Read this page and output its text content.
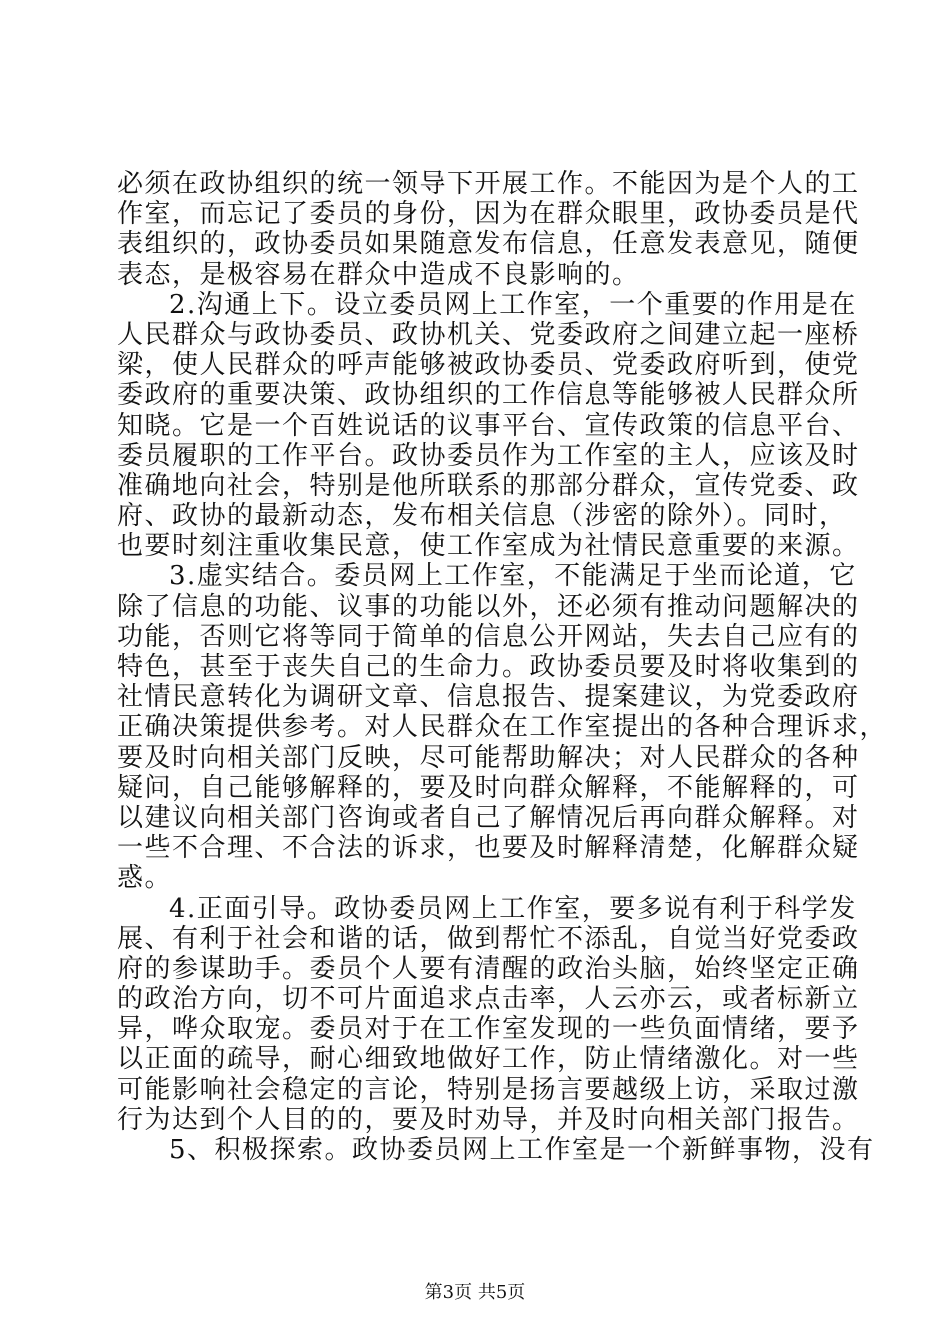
必须在政协组织的统一领导下开展工作。不能因为是个人的工
作室，而忘记了委员的身份，因为在群众眼里，政协委员是代
表组织的，政协委员如果随意发布信息，任意发表意见，随便
表态，是极容易在群众中造成不良影响的。
2.沟通上下。设立委员网上工作室，一个重要的作用是在
人民群众与政协委员、政协机关、党委政府之间建立起一座桥
梁，使人民群众的呼声能够被政协委员、党委政府听到，使党
委政府的重要决策、政协组织的工作信息等能够被人民群众所
知晓。它是一个百姓说话的议事平台、宣传政策的信息平台、
委员履职的工作平台。政协委员作为工作室的主人，应该及时
准确地向社会，特别是他所联系的那部分群众，宣传党委、政
府、政协的最新动态，发布相关信息（涉密的除外）。同时，
也要时刻注重收集民意，使工作室成为社情民意重要的来源。
3.虚实结合。委员网上工作室，不能满足于坐而论道，它
除了信息的功能、议事的功能以外，还必须有推动问题解决的
功能，否则它将等同于简单的信息公开网站，失去自己应有的
特色，甚至于丧失自己的生命力。政协委员要及时将收集到的
社情民意转化为调研文章、信息报告、提案建议，为党委政府
正确决策提供参考。对人民群众在工作室提出的各种合理诉求，
要及时向相关部门反映，尽可能帮助解决；对人民群众的各种
疑问，自己能够解释的，要及时向群众解释，不能解释的，可
以建议向相关部门咨询或者自己了解情况后再向群众解释。对
一些不合理、不合法的诉求，也要及时解释清楚，化解群众疑
惑。
4.正面引导。政协委员网上工作室，要多说有利于科学发
展、有利于社会和谐的话，做到帮忙不添乱，自觉当好党委政
府的参谋助手。委员个人要有清醒的政治头脑，始终坚定正确
的政治方向，切不可片面追求点击率，人云亦云，或者标新立
异，哗众取宠。委员对于在工作室发现的一些负面情绪，要予
以正面的疏导，耐心细致地做好工作，防止情绪激化。对一些
可能影响社会稳定的言论，特别是扬言要越级上访，采取过激
行为达到个人目的的，要及时劝导，并及时向相关部门报告。
5、积极探索。政协委员网上工作室是一个新鲜事物，没有
第3页 共5页
